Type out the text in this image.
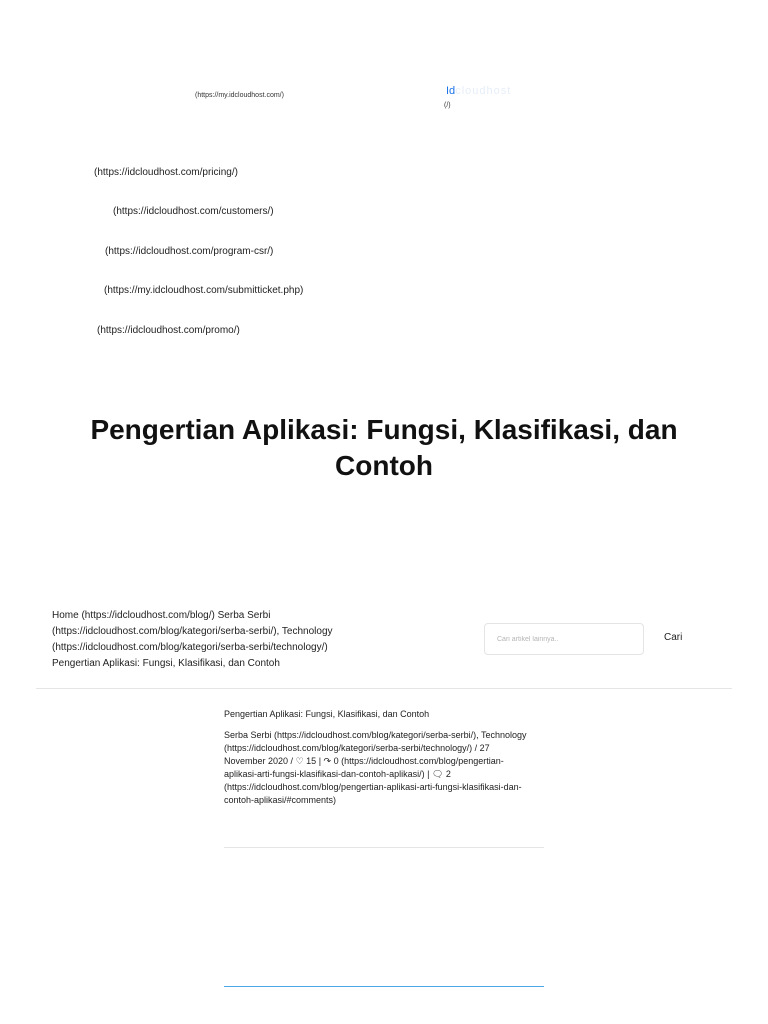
(https://my.idcloudhost.com/)	Idcloudhost
(/)
(https://idcloudhost.com/pricing/)
(https://idcloudhost.com/customers/)
(https://idcloudhost.com/program-csr/)
(https://my.idcloudhost.com/submitticket.php)
(https://idcloudhost.com/promo/)
Pengertian Aplikasi: Fungsi, Klasifikasi, dan Contoh
Home (https://idcloudhost.com/blog/) Serba Serbi (https://idcloudhost.com/blog/kategori/serba-serbi/), Technology (https://idcloudhost.com/blog/kategori/serba-serbi/technology/) Pengertian Aplikasi: Fungsi, Klasifikasi, dan Contoh
Cari artikel lainnya..
Cari
Pengertian Aplikasi: Fungsi, Klasifikasi, dan Contoh
Serba Serbi (https://idcloudhost.com/blog/kategori/serba-serbi/), Technology (https://idcloudhost.com/blog/kategori/serba-serbi/technology/) / 27 November 2020 / ♡ 15 | ↷ 0 (https://idcloudhost.com/blog/pengertian-aplikasi-arti-fungsi-klasifikasi-dan-contoh-aplikasi/) | 🗨 2 (https://idcloudhost.com/blog/pengertian-aplikasi-arti-fungsi-klasifikasi-dan-contoh-aplikasi/#comments)
